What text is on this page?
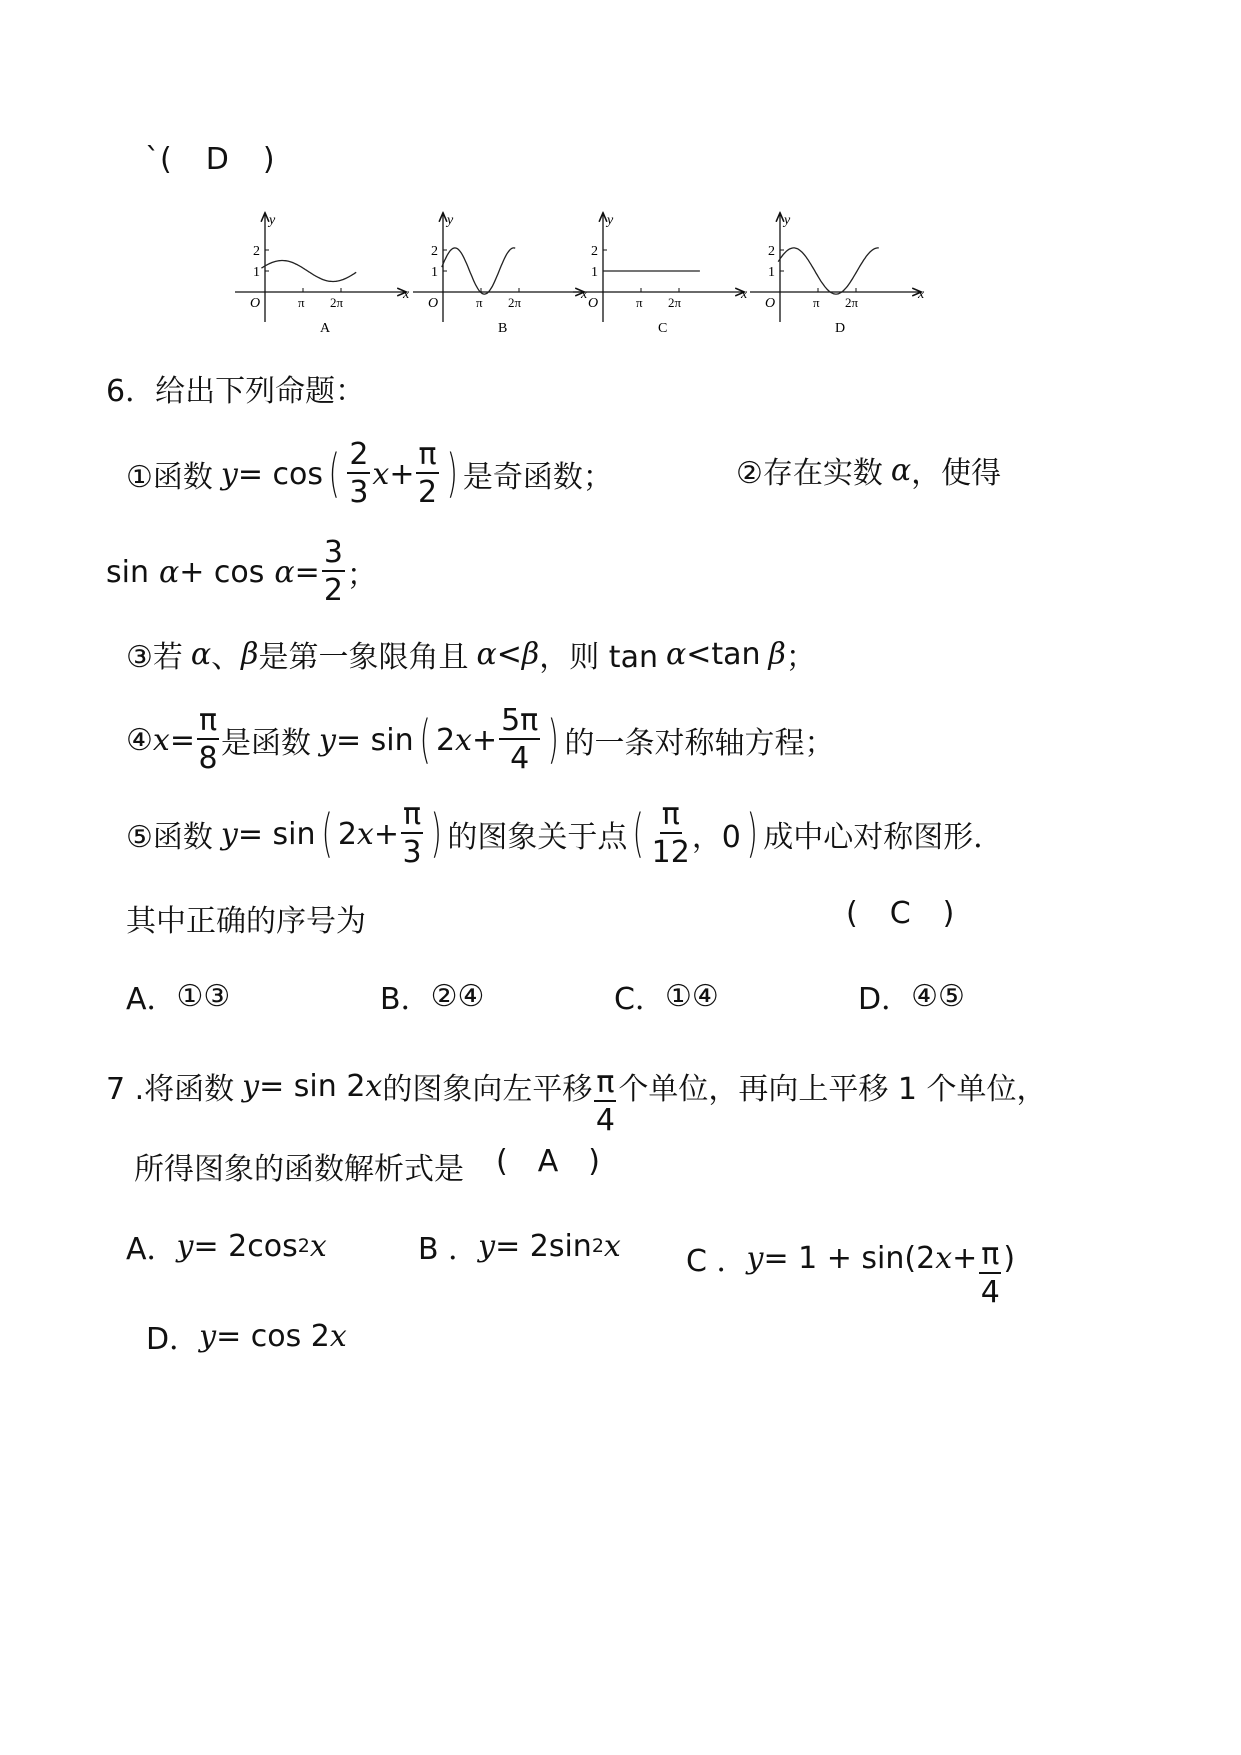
`( D )
y
x
O
2
1
π 2π
A
y
x
O
2
1
π 2π
B
y
x
O
2
1
π 2π
C
y
x
O
2
1
π 2π
D
6．给出下列命题：
①函数 y = cos ( $\frac{2}{3}$ $x + \frac{\pi}{2}$ ) 是奇函数；	②存在实数 α ，使得
$\sin \alpha + \cos \alpha = \frac{3}{2}$ ；
③若 α 、 β 是第一象限角且 α < β ，则 tan α <tan β ；
④ $x = \frac{\pi}{8}$ 是函数 y = sin ( 2 $x + \frac{5\pi}{4}$ ) 的一条对称轴方程；
⑤函数 y = sin ( 2 $x + \frac{\pi}{3}$ ) 的图象关于点 ( $\frac{\pi}{12}$ ，0 ) 成中心对称图形．
其中正确的序号为	( C )
A． ①③	B． ②④	C． ①④	D． ④⑤
7 .将函数 y = sin 2 x 的图象向左平移 $\frac{\pi}{4}$ 个单位，再向上平移 1 个单位，
所得图象的函数解析式是 ( A )
A． y = 2cos 2 x	B ． y = 2sin 2 x C ． y = 1 + sin(2 $x + \frac{\pi}{4}$ )
D． y = cos 2 x
